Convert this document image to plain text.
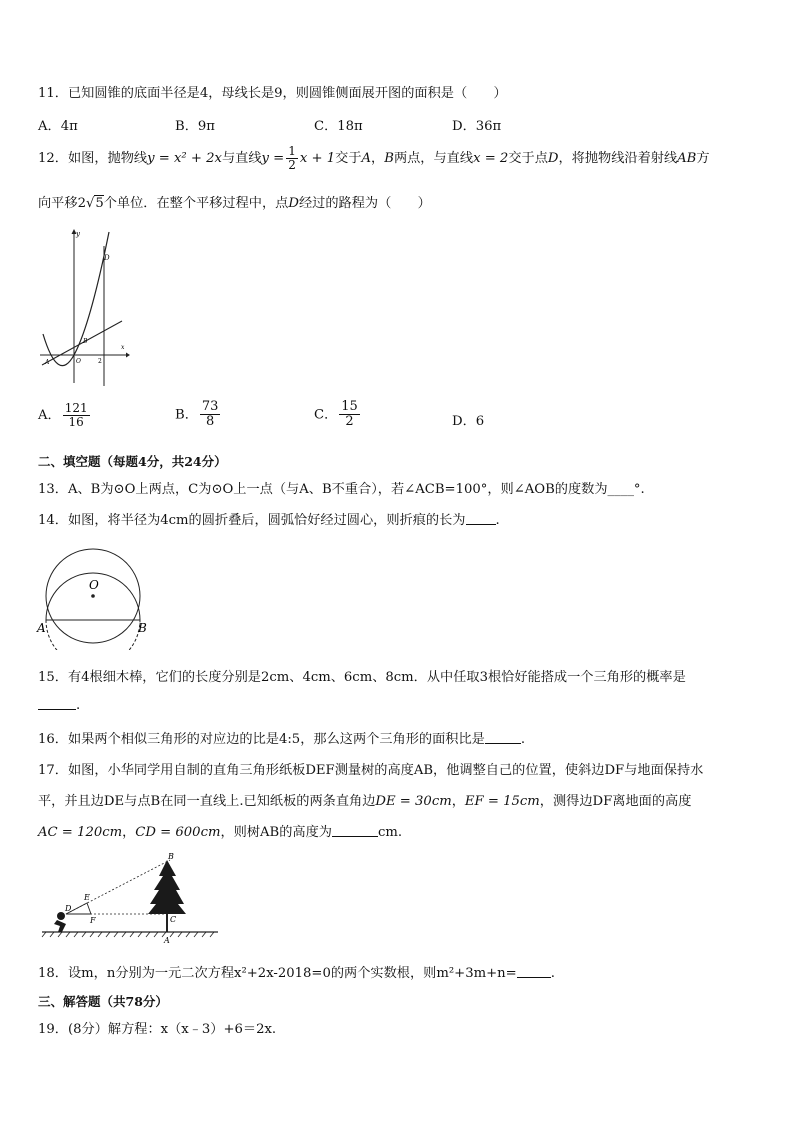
11．已知圆锥的底面半径是4，母线长是9，则圆锥侧面展开图的面积是（　　）
A．4π	B．9π	C．18π	D．36π
12．如图，抛物线y = x² + 2x与直线$y = \frac{1}{2}$ x + 1交于A，B两点，与直线x = 2交于点D，将抛物线沿着射线AB方
向平移2√5个单位．在整个平移过程中，点D经过的路程为（　　）
y
D
B
A	O	2
x
A． $\frac{121}{16}$	B． $\frac{73}{8}$	C． $\frac{15}{2}$	D．6
二、填空题（每题4分，共24分）
13．A、B为⊙O上两点，C为⊙O上一点（与A、B不重合），若∠ACB=100°，则∠AOB的度数为____°.
14．如图，将半径为4cm的圆折叠后，圆弧恰好经过圆心，则折痕的长为 .
O
A	B
15．有4根细木棒，它们的长度分别是2cm、4cm、6cm、8cm．从中任取3根恰好能搭成一个三角形的概率是
.
16．如果两个相似三角形的对应边的比是4:5，那么这两个三角形的面积比是	.
17．如图，小华同学用自制的直角三角形纸板DEF测量树的高度AB，他调整自己的位置，使斜边DF与地面保持水
平，并且边DE与点B在同一直线上.已知纸板的两条直角边DE = 30cm，EF = 15cm，测得边DF离地面的高度
AC = 120cm，CD = 600cm，则树AB的高度为	cm.
B
E
D
F	C
A
18．设m，n分别为一元二次方程x²+2x-2018=0的两个实数根，则m²+3m+n=	.
三、解答题（共78分）
19．(8分）解方程：x（x﹣3）+6＝2x.
